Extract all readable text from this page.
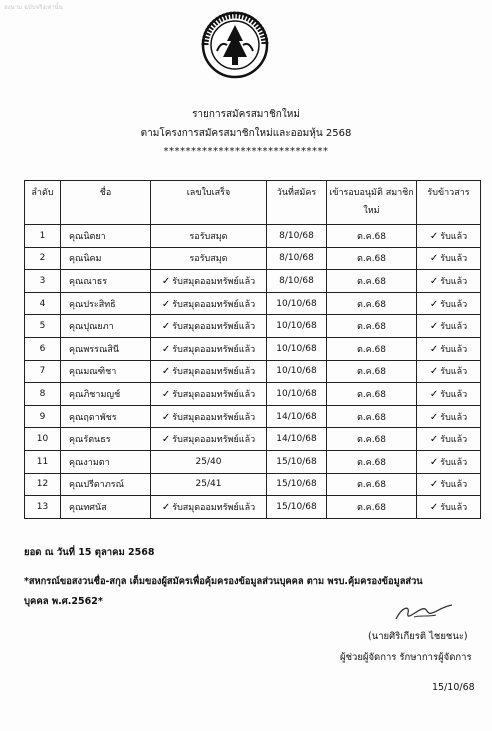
ลงนาม ฉบับจริงเท่านั้น
รายการสมัครสมาชิกใหม่
ตามโครงการสมัครสมาชิกใหม่และออมหุ้น 2568
******************************
ลำดับ	ชื่อ	เลขใบเสร็จ	วันที่สมัคร	เข้ารอบอนุมัติ สมาชิกใหม่	รับข้าวสาร
1	คุณนิตยา	รอรับสมุด	8/10/68	ต.ค.68	✓ รับแล้ว
2	คุณนิคม	รอรับสมุด	8/10/68	ต.ค.68	✓ รับแล้ว
3	คุณณาธร	✓ รับสมุดออมทรัพย์แล้ว	8/10/68	ต.ค.68	✓ รับแล้ว
4	คุณประสิทธิ	✓ รับสมุดออมทรัพย์แล้ว	10/10/68	ต.ค.68	✓ รับแล้ว
5	คุณปุณยภา	✓ รับสมุดออมทรัพย์แล้ว	10/10/68	ต.ค.68	✓ รับแล้ว
6	คุณพรรณสินี	✓ รับสมุดออมทรัพย์แล้ว	10/10/68	ต.ค.68	✓ รับแล้ว
7	คุณมณฑิชา	✓ รับสมุดออมทรัพย์แล้ว	10/10/68	ต.ค.68	✓ รับแล้ว
8	คุณภิชามญช์	✓ รับสมุดออมทรัพย์แล้ว	10/10/68	ต.ค.68	✓ รับแล้ว
9	คุณฤดาพัชร	✓ รับสมุดออมทรัพย์แล้ว	14/10/68	ต.ค.68	✓ รับแล้ว
10	คุณรัตนธร	✓ รับสมุดออมทรัพย์แล้ว	14/10/68	ต.ค.68	✓ รับแล้ว
11	คุณงามตา	25/40	15/10/68	ต.ค.68	✓ รับแล้ว
12	คุณปรีดาภรณ์	25/41	15/10/68	ต.ค.68	✓ รับแล้ว
13	คุณทศนัส	✓ รับสมุดออมทรัพย์แล้ว	15/10/68	ต.ค.68	✓ รับแล้ว
ยอด ณ วันที่ 15 ตุลาคม 2568
*สหกรณ์ขอสงวนชื่อ-สกุล เต็มของผู้สมัครเพื่อคุ้มครองข้อมูลส่วนบุคคล ตาม พรบ.คุ้มครองข้อมูลส่วน
บุคคล พ.ศ.2562*
(นายศิริเกียรติ ไชยชนะ)
ผู้ช่วยผู้จัดการ รักษาการผู้จัดการ
15/10/68
